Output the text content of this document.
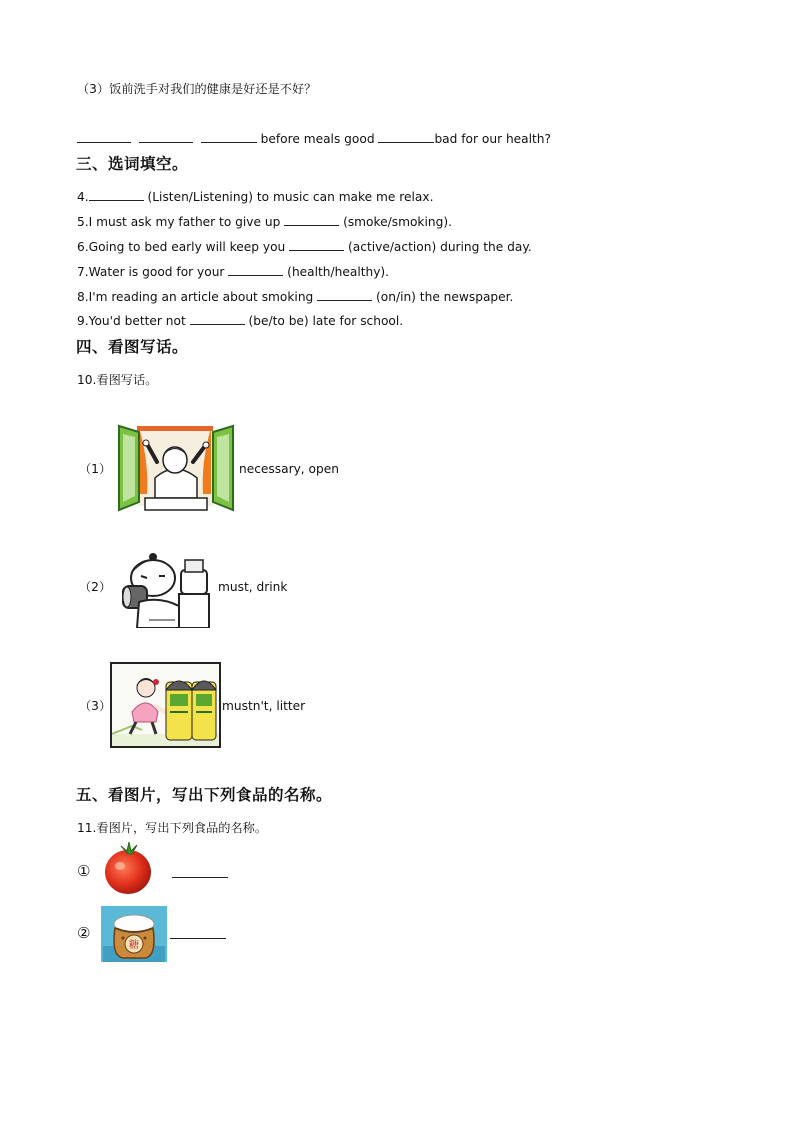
（3）饭前洗手对我们的健康是好还是不好？
before meals good	bad for our health?
三、选词填空。
4.	(Listen/Listening) to music can make me relax.
5.I must ask my father to give up	(smoke/smoking).
6.Going to bed early will keep you	(active/action) during the day.
7.Water is good for your	(health/healthy).
8.I'm reading an article about smoking	(on/in) the newspaper.
9.You'd better not	(be/to be) late for school.
四、看图写话。
10.看图写话。
（1）	necessary, open
（2）	must, drink
（3）	mustn't, litter
五、看图片，写出下列食品的名称。
11.看图片，写出下列食品的名称。
①
②
糖
